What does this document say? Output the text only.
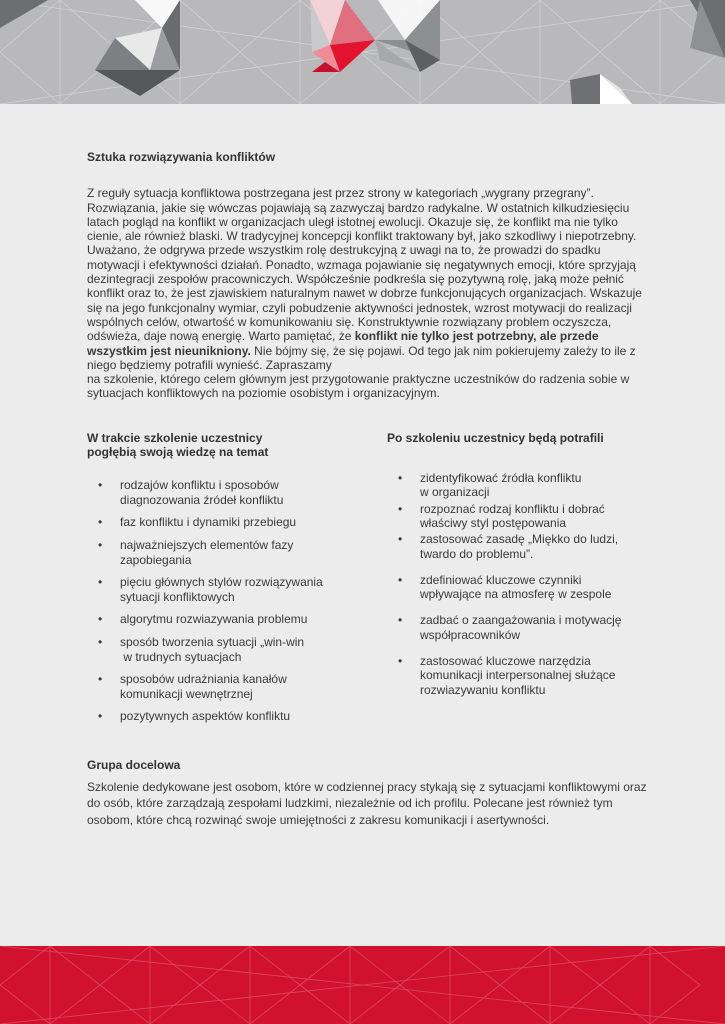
Sztuka rozwiązywania konfliktów

Z reguły sytuacja konfliktowa postrzegana jest przez strony w kategoriach „wygrany przegrany”. Rozwiązania, jakie się wówczas pojawiają są zazwyczaj bardzo radykalne. W ostatnich kilkudziesięciu latach pogląd na konflikt w organizacjach uległ istotnej ewolucji. Okazuje się, że konflikt ma nie tylko cienie, ale również blaski. W tradycyjnej koncepcji konflikt traktowany był, jako szkodliwy i niepotrzebny. Uważano, że odgrywa przede wszystkim rolę destrukcyjną z uwagi na to, że prowadzi do spadku motywacji i efektywności działań. Ponadto, wzmaga pojawianie się negatywnych emocji, które sprzyjają dezintegracji zespołów pracowniczych. Współcześnie podkreśla się pozytywną rolę, jaką może pełnić konflikt oraz to, że jest zjawiskiem naturalnym nawet w dobrze funkcjonujących organizacjach. Wskazuje się na jego funkcjonalny wymiar, czyli pobudzenie aktywności jednostek, wzrost motywacji do realizacji wspólnych celów, otwartość w komunikowaniu się. Konstruktywnie rozwiązany problem oczyszcza, odświeża, daje nową energię. Warto pamiętać, że konflikt nie tylko jest potrzebny, ale przede wszystkim jest nieunikniony. Nie bójmy się, że się pojawi. Od tego jak nim pokierujemy zależy to ile z niego będziemy potrafili wynieść. Zapraszamy

na szkolenie, którego celem głównym jest przygotowanie praktyczne uczestników do radzenia sobie w sytuacjach konfliktowych na poziomie osobistym i organizacyjnym.

W trakcie szkolenie uczestnicy
pogłębią swoją wiedzę na temat
• rodzajów konfliktu i sposobów
diagnozowania źródeł konfliktu
• faz konfliktu i dynamiki przebiegu
• najważniejszych elementów fazy
zapobiegania
• pięciu głównych stylów rozwiązywania
sytuacji konfliktowych
• algorytmu rozwiazywania problemu
• sposób tworzenia sytuacji „win-win
w trudnych sytuacjach
• sposobów udrażniania kanałów
komunikacji wewnętrznej
• pozytywnych aspektów konfliktu
Po szkoleniu uczestnicy będą potrafili
• zidentyfikować źródła konfliktu
w organizacji
• rozpoznać rodzaj konfliktu i dobrać
właściwy styl postępowania
• zastosować zasadę „Miękko do ludzi,
twardo do problemu”.
• zdefiniować kluczowe czynniki
wpływające na atmosferę w zespole
• zadbać o zaangażowania i motywację
współpracowników
• zastosować kluczowe narzędzia
komunikacji interpersonalnej służące
rozwiazywaniu konfliktu
Grupa docelowa

Szkolenie dedykowane jest osobom, które w codziennej pracy stykają się z sytuacjami konfliktowymi oraz do osób, które zarządzają zespołami ludzkimi, niezależnie od ich profilu. Polecane jest również tym osobom, które chcą rozwinąć swoje umiejętności z zakresu komunikacji i asertywności.
